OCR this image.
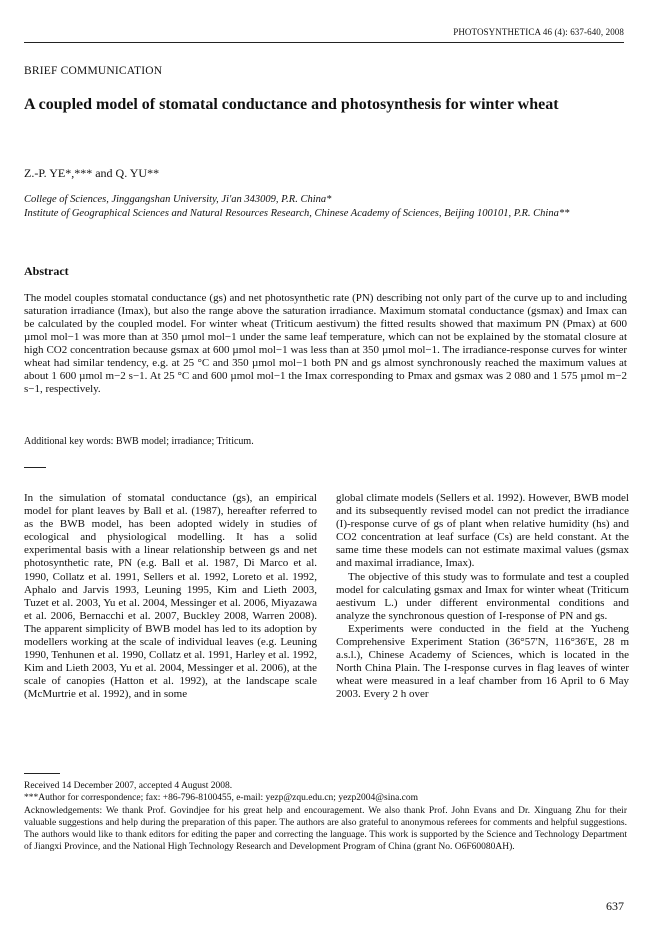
PHOTOSYNTHETICA 46 (4): 637-640, 2008
BRIEF COMMUNICATION
A coupled model of stomatal conductance and photosynthesis for winter wheat
Z.-P. YE*,*** and Q. YU**
College of Sciences, Jinggangshan University, Ji'an 343009, P.R. China*
Institute of Geographical Sciences and Natural Resources Research, Chinese Academy of Sciences, Beijing 100101, P.R. China**
Abstract

The model couples stomatal conductance (gs) and net photosynthetic rate (PN) describing not only part of the curve up to and including saturation irradiance (Imax), but also the range above the saturation irradiance. Maximum stomatal conductance (gsmax) and Imax can be calculated by the coupled model. For winter wheat (Triticum aestivum) the fitted results showed that maximum PN (Pmax) at 600 µmol mol−1 was more than at 350 µmol mol−1 under the same leaf temperature, which can not be explained by the stomatal closure at high CO2 concentration because gsmax at 600 µmol mol−1 was less than at 350 µmol mol−1. The irradiance-response curves for winter wheat had similar tendency, e.g. at 25 °C and 350 µmol mol−1 both PN and gs almost synchronously reached the maximum values at about 1 600 µmol m−2 s−1. At 25 °C and 600 µmol mol−1 the Imax corresponding to Pmax and gsmax was 2 080 and 1 575 µmol m−2 s−1, respectively.

Additional key words: BWB model; irradiance; Triticum.

In the simulation of stomatal conductance (gs), an empirical model for plant leaves by Ball et al. (1987), hereafter referred to as the BWB model, has been adopted widely in studies of ecological and physiological modelling. It has a solid experimental basis with a linear relationship between gs and net photosynthetic rate, PN (e.g. Ball et al. 1987, Di Marco et al. 1990, Collatz et al. 1991, Sellers et al. 1992, Loreto et al. 1992, Aphalo and Jarvis 1993, Leuning 1995, Kim and Lieth 2003, Tuzet et al. 2003, Yu et al. 2004, Messinger et al. 2006, Miyazawa et al. 2006, Bernacchi et al. 2007, Buckley 2008, Warren 2008). The apparent simplicity of BWB model has led to its adoption by modellers working at the scale of individual leaves (e.g. Leuning 1990, Tenhunen et al. 1990, Collatz et al. 1991, Harley et al. 1992, Kim and Lieth 2003, Yu et al. 2004, Messinger et al. 2006), at the scale of canopies (Hatton et al. 1992), at the landscape scale (McMurtrie et al. 1992), and in some

global climate models (Sellers et al. 1992). However, BWB model and its subsequently revised model can not predict the irradiance (I)-response curve of gs of plant when relative humidity (hs) and CO2 concentration at leaf surface (Cs) are held constant. At the same time these models can not estimate maximal values (gsmax and maximal irradiance, Imax).

The objective of this study was to formulate and test a coupled model for calculating gsmax and Imax for winter wheat (Triticum aestivum L.) under different environmental conditions and analyze the synchronous question of I-response of PN and gs.

Experiments were conducted in the field at the Yucheng Comprehensive Experiment Station (36°57'N, 116°36'E, 28 m a.s.l.), Chinese Academy of Sciences, which is located in the North China Plain. The I-response curves in flag leaves of winter wheat were measured in a leaf chamber from 16 April to 6 May 2003. Every 2 h over

Received 14 December 2007, accepted 4 August 2008.
***Author for correspondence; fax: +86-796-8100455, e-mail: yezp@zqu.edu.cn; yezp2004@sina.com
Acknowledgements: We thank Prof. Govindjee for his great help and encouragement. We also thank Prof. John Evans and Dr. Xinguang Zhu for their valuable suggestions and help during the preparation of this paper. The authors are also grateful to anonymous referees for comments and helpful suggestions. The authors would like to thank editors for editing the paper and correcting the language. This work is supported by the Science and Technology Department of Jiangxi Province, and the National High Technology Research and Development Program of China (grant No. O6F60080AH).
637
